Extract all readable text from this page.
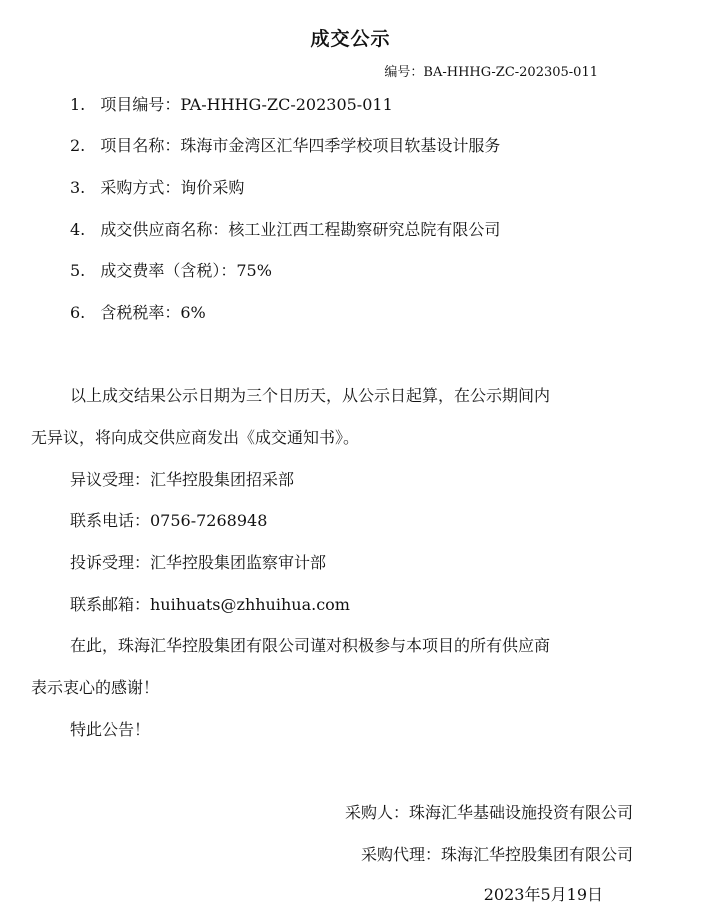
成交公示
编号：BA-HHHG-ZC-202305-011
1. 项目编号：PA-HHHG-ZC-202305-011
2. 项目名称：珠海市金湾区汇华四季学校项目软基设计服务
3. 采购方式：询价采购
4. 成交供应商名称：核工业江西工程勘察研究总院有限公司
5. 成交费率（含税）：75%
6. 含税税率：6%
以上成交结果公示日期为三个日历天，从公示日起算，在公示期间内
无异议，将向成交供应商发出《成交通知书》。
异议受理：汇华控股集团招采部
联系电话：0756-7268948
投诉受理：汇华控股集团监察审计部
联系邮箱：huihuats@zhhuihua.com
在此，珠海汇华控股集团有限公司谨对积极参与本项目的所有供应商
表示衷心的感谢！
特此公告！
采购人：珠海汇华基础设施投资有限公司
采购代理：珠海汇华控股集团有限公司
2023年5月19日
